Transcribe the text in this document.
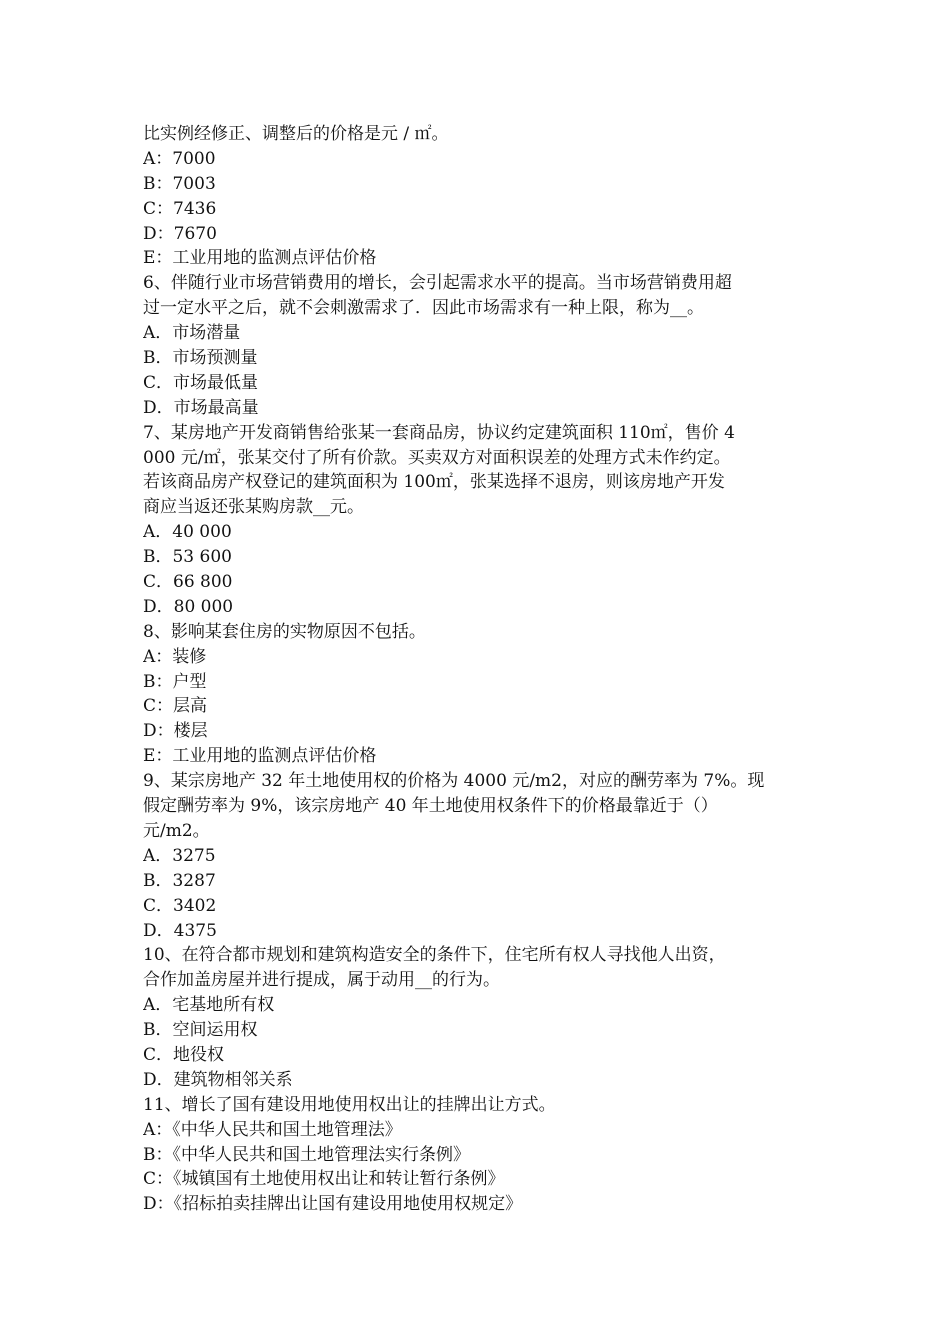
比实例经修正、调整后的价格是元 / ㎡。
A：7000
B：7003
C：7436
D：7670
E：工业用地的监测点评估价格
6、伴随行业市场营销费用的增长，会引起需求水平的提高。当市场营销费用超
过一定水平之后，就不会刺激需求了．因此市场需求有一种上限，称为__。
A．市场潜量
B．市场预测量
C．市场最低量
D．市场最高量
7、某房地产开发商销售给张某一套商品房，协议约定建筑面积 110㎡，售价 4
000 元/㎡，张某交付了所有价款。买卖双方对面积误差的处理方式未作约定。
若该商品房产权登记的建筑面积为 100㎡，张某选择不退房，则该房地产开发
商应当返还张某购房款__元。
A．40 000
B．53 600
C．66 800
D．80 000
8、影响某套住房的实物原因不包括。
A：装修
B：户型
C：层高
D：楼层
E：工业用地的监测点评估价格
9、某宗房地产 32 年土地使用权的价格为 4000 元/m2，对应的酬劳率为 7%。现
假定酬劳率为 9%，该宗房地产 40 年土地使用权条件下的价格最靠近于（）
元/m2。
A．3275
B．3287
C．3402
D．4375
10、在符合都市规划和建筑构造安全的条件下，住宅所有权人寻找他人出资，
合作加盖房屋并进行提成，属于动用__的行为。
A．宅基地所有权
B．空间运用权
C．地役权
D．建筑物相邻关系
11、增长了国有建设用地使用权出让的挂牌出让方式。
A：《中华人民共和国土地管理法》
B：《中华人民共和国土地管理法实行条例》
C：《城镇国有土地使用权出让和转让暂行条例》
D：《招标拍卖挂牌出让国有建设用地使用权规定》
